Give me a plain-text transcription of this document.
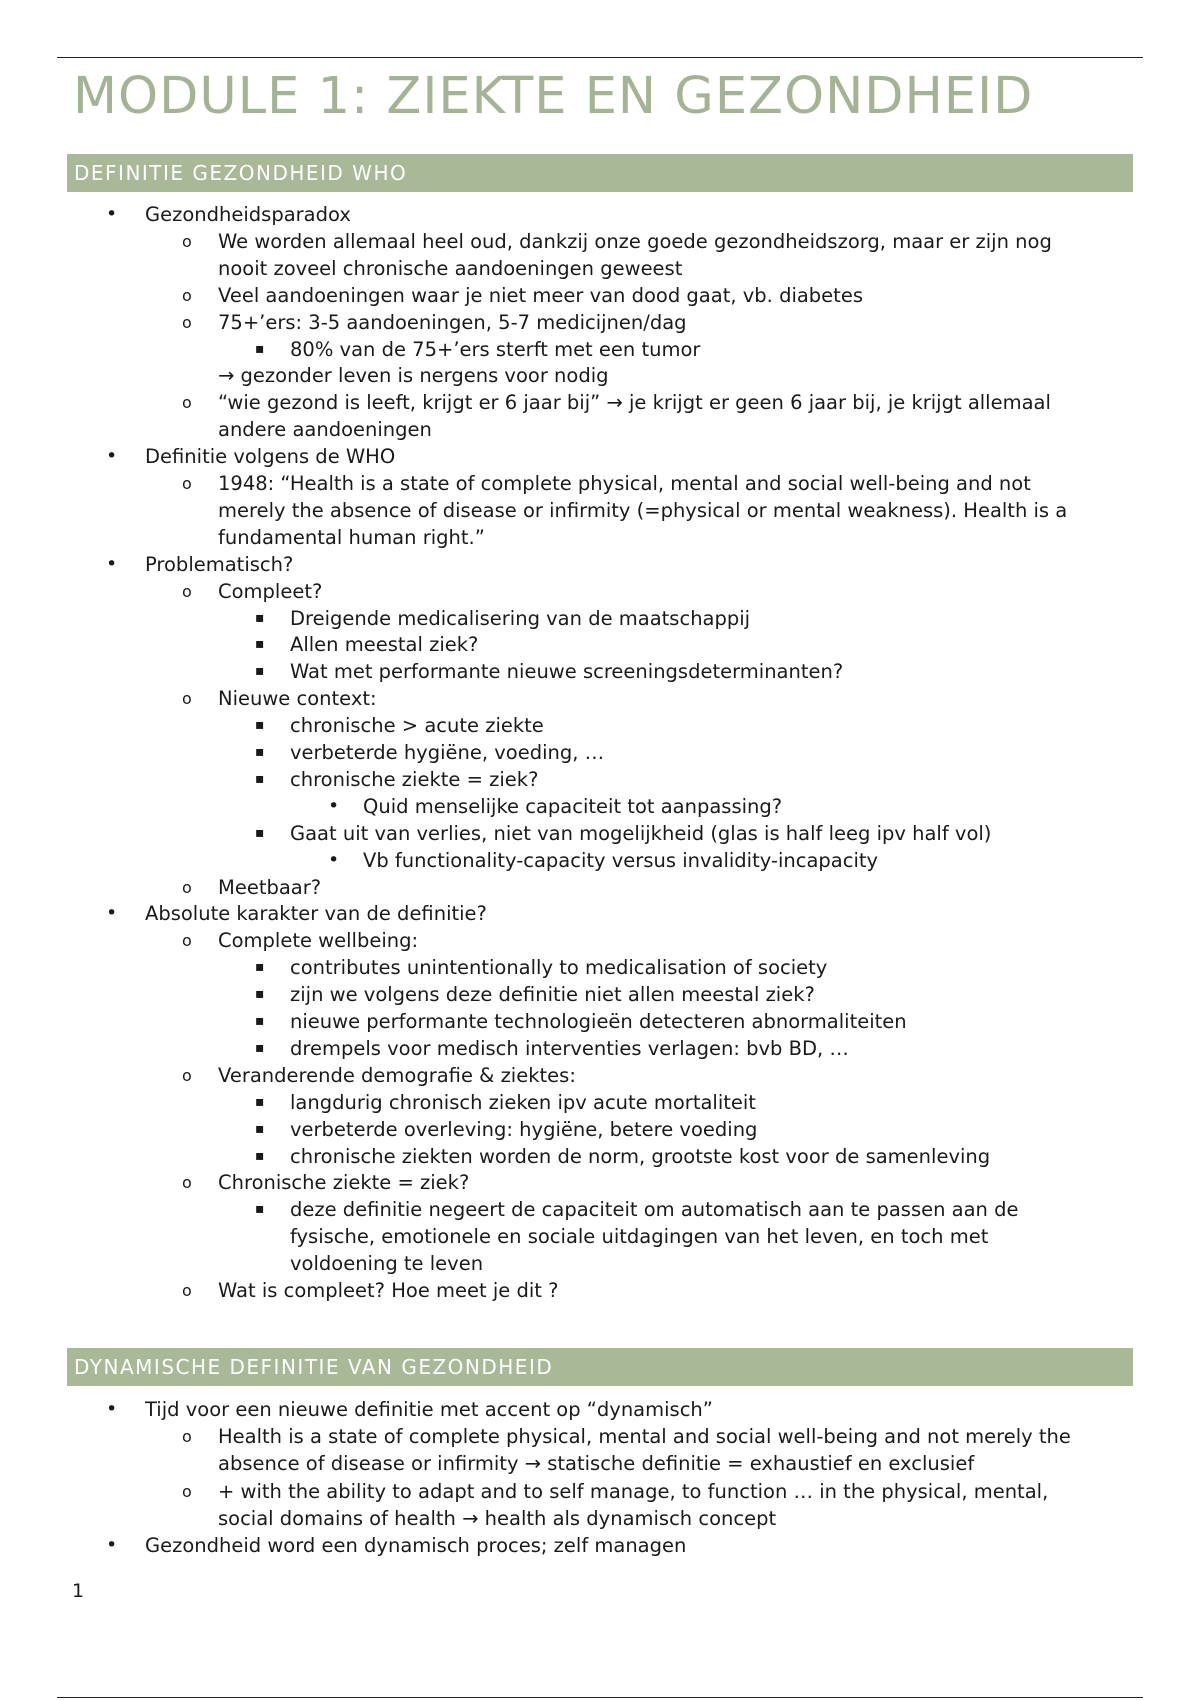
MODULE 1: ZIEKTE EN GEZONDHEID
DEFINITIE GEZONDHEID WHO
• Gezondheidsparadox
o We worden allemaal heel oud, dankzij onze goede gezondheidszorg, maar er zijn nog
nooit zoveel chronische aandoeningen geweest
o Veel aandoeningen waar je niet meer van dood gaat, vb. diabetes
o 75+’ers: 3-5 aandoeningen, 5-7 medicijnen/dag
▪ 80% van de 75+’ers sterft met een tumor
→ gezonder leven is nergens voor nodig
o “wie gezond is leeft, krijgt er 6 jaar bij” → je krijgt er geen 6 jaar bij, je krijgt allemaal
andere aandoeningen
• Definitie volgens de WHO
o 1948: “Health is a state of complete physical, mental and social well-being and not
merely the absence of disease or infirmity (=physical or mental weakness). Health is a
fundamental human right.”
• Problematisch?
o Compleet?
▪ Dreigende medicalisering van de maatschappij
▪ Allen meestal ziek?
▪ Wat met performante nieuwe screeningsdeterminanten?
o Nieuwe context:
▪ chronische > acute ziekte
▪ verbeterde hygiëne, voeding, …
▪ chronische ziekte = ziek?
• Quid menselijke capaciteit tot aanpassing?
▪ Gaat uit van verlies, niet van mogelijkheid (glas is half leeg ipv half vol)
• Vb functionality-capacity versus invalidity-incapacity
o Meetbaar?
• Absolute karakter van de definitie?
o Complete wellbeing:
▪ contributes unintentionally to medicalisation of society
▪ zijn we volgens deze definitie niet allen meestal ziek?
▪ nieuwe performante technologieën detecteren abnormaliteiten
▪ drempels voor medisch interventies verlagen: bvb BD, …
o Veranderende demografie & ziektes:
▪ langdurig chronisch zieken ipv acute mortaliteit
▪ verbeterde overleving: hygiëne, betere voeding
▪ chronische ziekten worden de norm, grootste kost voor de samenleving
o Chronische ziekte = ziek?
▪ deze definitie negeert de capaciteit om automatisch aan te passen aan de
fysische, emotionele en sociale uitdagingen van het leven, en toch met
voldoening te leven
o Wat is compleet? Hoe meet je dit ?
DYNAMISCHE DEFINITIE VAN GEZONDHEID
• Tijd voor een nieuwe definitie met accent op “dynamisch”
o Health is a state of complete physical, mental and social well-being and not merely the
absence of disease or infirmity → statische definitie = exhaustief en exclusief
o + with the ability to adapt and to self manage, to function … in the physical, mental,
social domains of health → health als dynamisch concept
• Gezondheid word een dynamisch proces; zelf managen
1
